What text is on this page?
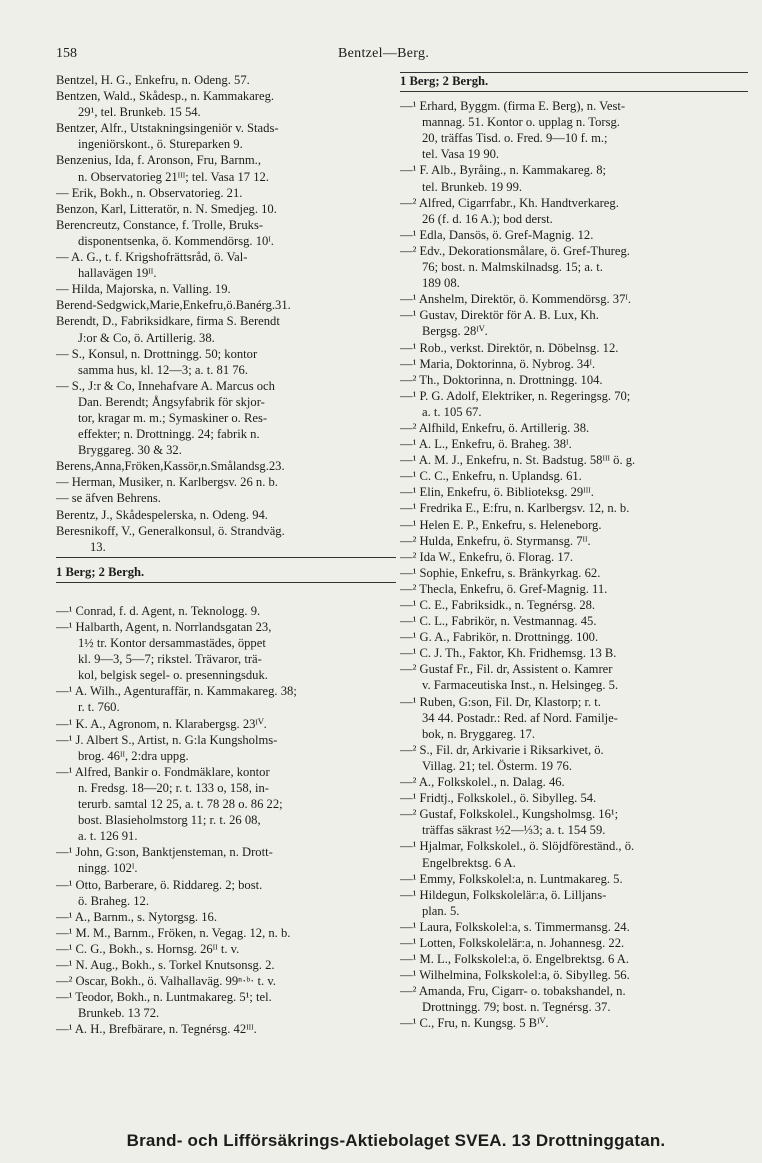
158	Bentzel—Berg.
Bentzel, H. G., Enkefru, n. Odeng. 57.
Bentzen, Wald., Skådesp., n. Kammakareg.
29¹, tel. Brunkeb. 15 54.
Bentzer, Alfr., Utstakningsingeniör v. Stads-
ingeniörskont., ö. Stureparken 9.
Benzenius, Ida, f. Aronson, Fru, Barnm.,
n. Observatorieg 21ᴵᴵᴵ; tel. Vasa 17 12.
— Erik, Bokh., n. Observatorieg. 21.
Benzon, Karl, Litteratör, n. N. Smedjeg. 10.
Berencreutz, Constance, f. Trolle, Bruks-
disponentsenka, ö. Kommendörsg. 10ᴵ.
— A. G., t. f. Krigshofrättsråd, ö. Val-
hallavägen 19ᴵᴵ.
— Hilda, Majorska, n. Valling. 19.
Berend-Sedgwick,Marie,Enkefru,ö.Banérg.31.
Berendt, D., Fabriksidkare, firma S. Berendt
J:or & Co, ö. Artillerig. 38.
— S., Konsul, n. Drottningg. 50; kontor
samma hus, kl. 12—3; a. t. 81 76.
— S., J:r & Co, Innehafvare A. Marcus och
Dan. Berendt; Ångsyfabrik för skjor-
tor, kragar m. m.; Symaskiner o. Res-
effekter; n. Drottningg. 24; fabrik n.
Bryggareg. 30 & 32.
Berens,Anna,Fröken,Kassör,n.Smålandsg.23.
— Herman, Musiker, n. Karlbergsv. 26 n. b.
— se äfven Behrens.
Berentz, J., Skådespelerska, n. Odeng. 94.
Beresnikoff, V., Generalkonsul, ö. Strandväg.
13.
1 Berg; 2 Bergh.
—¹ Conrad, f. d. Agent, n. Teknologg. 9.
—¹ Halbarth, Agent, n. Norrlandsgatan 23,
1½ tr. Kontor dersammastädes, öppet
kl. 9—3, 5—7; rikstel. Trävaror, trä-
kol, belgisk segel- o. presenningsduk.
—¹ A. Wilh., Agenturaffär, n. Kammakareg. 38;
r. t. 760.
—¹ K. A., Agronom, n. Klarabergsg. 23ᴵⱽ.
—¹ J. Albert S., Artist, n. G:la Kungsholms-
brog. 46ᴵᴵ, 2:dra uppg.
—¹ Alfred, Bankir o. Fondmäklare, kontor
n. Fredsg. 18—20; r. t. 133 o, 158, in-
terurb. samtal 12 25, a. t. 78 28 o. 86 22;
bost. Blasieholmstorg 11; r. t. 26 08,
a. t. 126 91.
—¹ John, G:son, Banktjensteman, n. Drott-
ningg. 102ᴵ.
—¹ Otto, Barberare, ö. Riddareg. 2; bost.
ö. Braheg. 12.
—¹ A., Barnm., s. Nytorgsg. 16.
—¹ M. M., Barnm., Fröken, n. Vegag. 12, n. b.
—¹ C. G., Bokh., s. Hornsg. 26ᴵᴵ t. v.
—¹ N. Aug., Bokh., s. Torkel Knutsonsg. 2.
—² Oscar, Bokh., ö. Valhallaväg. 99ⁿ·ᵇ· t. v.
—¹ Teodor, Bokh., n. Luntmakareg. 5¹; tel.
Brunkeb. 13 72.
—¹ A. H., Brefbärare, n. Tegnérsg. 42ᴵᴵᴵ.
1 Berg; 2 Bergh.
—¹ Erhard, Byggm. (firma E. Berg), n. Vest-
mannag. 51. Kontor o. upplag n. Torsg.
20, träffas Tisd. o. Fred. 9—10 f. m.;
tel. Vasa 19 90.
—¹ F. Alb., Byråing., n. Kammakareg. 8;
tel. Brunkeb. 19 99.
—² Alfred, Cigarrfabr., Kh. Handtverkareg.
26 (f. d. 16 A.); bod derst.
—¹ Edla, Dansös, ö. Gref-Magnig. 12.
—² Edv., Dekorationsmålare, ö. Gref-Thureg.
76; bost. n. Malmskilnadsg. 15; a. t.
189 08.
—¹ Anshelm, Direktör, ö. Kommendörsg. 37ᴵ.
—¹ Gustav, Direktör för A. B. Lux, Kh.
Bergsg. 28ᴵⱽ.
—¹ Rob., verkst. Direktör, n. Döbelnsg. 12.
—¹ Maria, Doktorinna, ö. Nybrog. 34ᴵ.
—² Th., Doktorinna, n. Drottningg. 104.
—¹ P. G. Adolf, Elektriker, n. Regeringsg. 70;
a. t. 105 67.
—² Alfhild, Enkefru, ö. Artillerig. 38.
—¹ A. L., Enkefru, ö. Braheg. 38ᴵ.
—¹ A. M. J., Enkefru, n. St. Badstug. 58ᴵᴵᴵ ö. g.
—¹ C. C., Enkefru, n. Uplandsg. 61.
—¹ Elin, Enkefru, ö. Biblioteksg. 29ᴵᴵᴵ.
—¹ Fredrika E., E:fru, n. Karlbergsv. 12, n. b.
—¹ Helen E. P., Enkefru, s. Heleneborg.
—² Hulda, Enkefru, ö. Styrmansg. 7ᴵᴵ.
—² Ida W., Enkefru, ö. Florag. 17.
—¹ Sophie, Enkefru, s. Bränkyrkag. 62.
—² Thecla, Enkefru, ö. Gref-Magnig. 11.
—¹ C. E., Fabriksidk., n. Tegnérsg. 28.
—¹ C. L., Fabrikör, n. Vestmannag. 45.
—¹ G. A., Fabrikör, n. Drottningg. 100.
—¹ C. J. Th., Faktor, Kh. Fridhemsg. 13 B.
—² Gustaf Fr., Fil. dr, Assistent o. Kamrer
v. Farmaceutiska Inst., n. Helsingeg. 5.
—¹ Ruben, G:son, Fil. Dr, Klastorp; r. t.
34 44. Postadr.: Red. af Nord. Familje-
bok, n. Bryggareg. 17.
—² S., Fil. dr, Arkivarie i Riksarkivet, ö.
Villag. 21; tel. Österm. 19 76.
—² A., Folkskolel., n. Dalag. 46.
—¹ Fridtj., Folkskolel., ö. Sibylleg. 54.
—² Gustaf, Folkskolel., Kungsholmsg. 16¹;
träffas säkrast ½2—⅓3; a. t. 154 59.
—¹ Hjalmar, Folkskolel., ö. Slöjdföreständ., ö.
Engelbrektsg. 6 A.
—¹ Emmy, Folkskolel:a, n. Luntmakareg. 5.
—¹ Hildegun, Folkskolelär:a, ö. Lilljans-
plan. 5.
—¹ Laura, Folkskolel:a, s. Timmermansg. 24.
—¹ Lotten, Folkskolelär:a, n. Johannesg. 22.
—¹ M. L., Folkskolel:a, ö. Engelbrektsg. 6 A.
—¹ Wilhelmina, Folkskolel:a, ö. Sibylleg. 56.
—² Amanda, Fru, Cigarr- o. tobakshandel, n.
Drottningg. 79; bost. n. Tegnérsg. 37.
—¹ C., Fru, n. Kungsg. 5 Bᴵⱽ.
Brand- och Lifförsäkrings-Aktiebolaget SVEA. 13 Drottninggatan.
